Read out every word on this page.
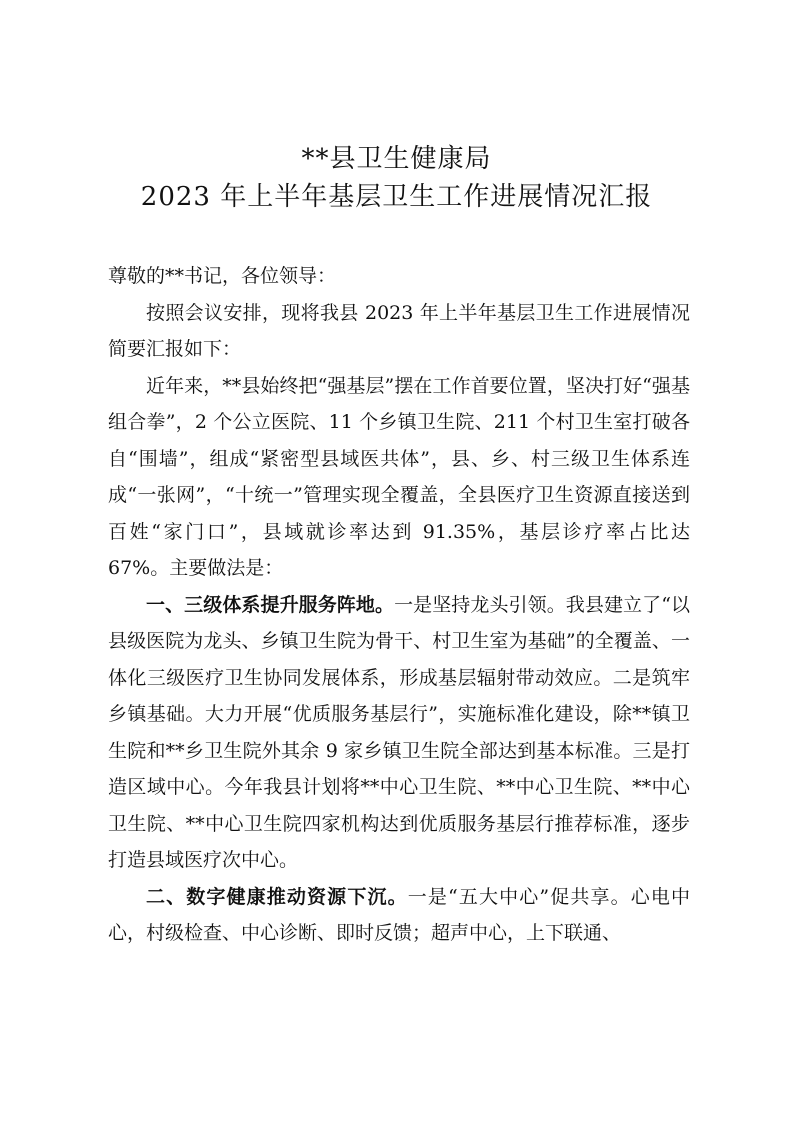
**县卫生健康局
2023 年上半年基层卫生工作进展情况汇报

尊敬的**书记，各位领导：

按照会议安排，现将我县 2023 年上半年基层卫生工作进展情况简要汇报如下：

近年来，**县始终把“强基层”摆在工作首要位置，坚决打好“强基组合拳”，2 个公立医院、11 个乡镇卫生院、211 个村卫生室打破各自“围墙”，组成“紧密型县域医共体”，县、乡、村三级卫生体系连成“一张网”，“十统一”管理实现全覆盖，全县医疗卫生资源直接送到百姓“家门口”，县域就诊率达到 91.35%，基层诊疗率占比达 67%。主要做法是：

一、三级体系提升服务阵地。一是坚持龙头引领。我县建立了“以县级医院为龙头、乡镇卫生院为骨干、村卫生室为基础”的全覆盖、一体化三级医疗卫生协同发展体系，形成基层辐射带动效应。二是筑牢乡镇基础。大力开展“优质服务基层行”，实施标准化建设，除**镇卫生院和**乡卫生院外其余 9 家乡镇卫生院全部达到基本标准。三是打造区域中心。今年我县计划将**中心卫生院、**中心卫生院、**中心卫生院、**中心卫生院四家机构达到优质服务基层行推荐标准，逐步打造县域医疗次中心。

二、数字健康推动资源下沉。一是“五大中心”促共享。心电中心，村级检查、中心诊断、即时反馈；超声中心，上下联通、
